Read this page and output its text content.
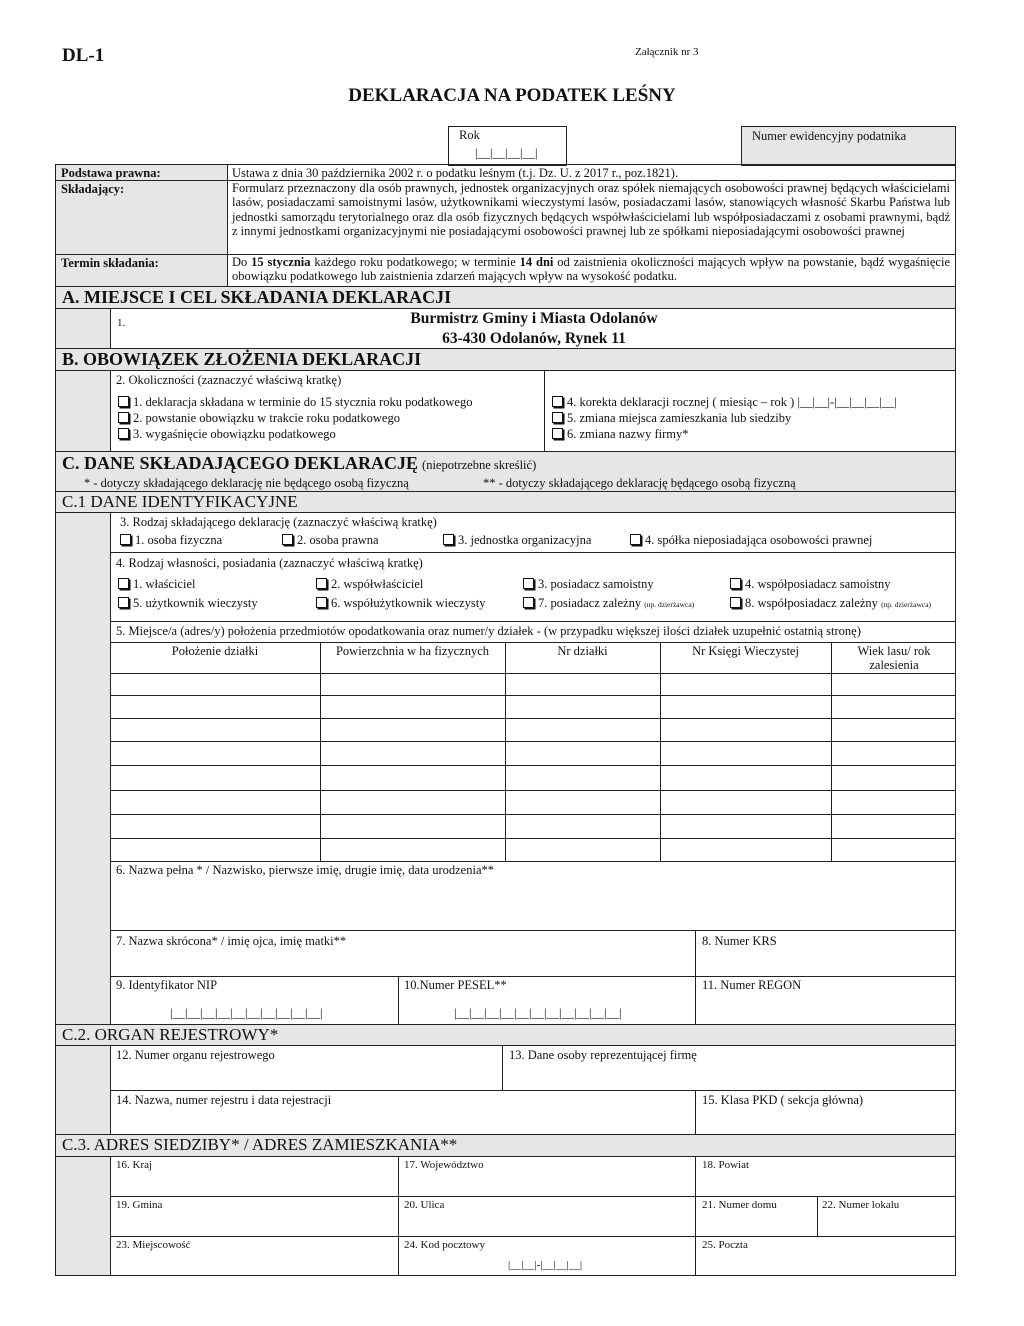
DL-1	Załącznik nr 3
DEKLARACJA NA PODATEK LEŚNY
Rok
|__|__|__|__|
Numer ewidencyjny podatnika
Podstawa prawna:	Ustawa z dnia 30 października 2002 r. o podatku leśnym (t.j. Dz. U. z 2017 r., poz.1821).
Składający:	Formularz przeznaczony dla osób prawnych, jednostek organizacyjnych oraz spółek niemających osobowości prawnej będących właścicielami lasów, posiadaczami samoistnymi lasów, użytkownikami wieczystymi lasów, posiadaczami lasów, stanowiących własność Skarbu Państwa lub jednostki samorządu terytorialnego oraz dla osób fizycznych będących współwłaścicielami lub współposiadaczami z osobami prawnymi, bądź z innymi jednostkami organizacyjnymi nie posiadającymi osobowości prawnej lub ze spółkami nieposiadającymi osobowości prawnej
Termin składania:	Do 15 stycznia każdego roku podatkowego; w terminie 14 dni od zaistnienia okoliczności mających wpływ na powstanie, bądź wygaśnięcie obowiązku podatkowego lub zaistnienia zdarzeń mających wpływ na wysokość podatku.
A. MIEJSCE I CEL SKŁADANIA DEKLARACJI
1.	Burmistrz Gminy i Miasta Odolanów
63-430 Odolanów, Rynek 11
B. OBOWIĄZEK ZŁOŻENIA DEKLARACJI
2. Okoliczności (zaznaczyć właściwą kratkę)
1. deklaracja składana w terminie do 15 stycznia roku podatkowego
2. powstanie obowiązku w trakcie roku podatkowego
3. wygaśnięcie obowiązku podatkowego
4. korekta deklaracji rocznej ( miesiąc – rok ) |__|__|-|__|__|__|__|
5. zmiana miejsca zamieszkania lub siedziby
6. zmiana nazwy firmy*
C. DANE SKŁADAJĄCEGO DEKLARACJĘ (niepotrzebne skreślić)
* - dotyczy składającego deklarację nie będącego osobą fizyczną	** - dotyczy składającego deklarację będącego osobą fizyczną
C.1 DANE IDENTYFIKACYJNE
3. Rodzaj składającego deklarację (zaznaczyć właściwą kratkę)
1. osoba fizyczna	2. osoba prawna	3. jednostka organizacyjna	4. spółka nieposiadająca osobowości prawnej
4. Rodzaj własności, posiadania (zaznaczyć właściwą kratkę)
1. właściciel	2. współwłaściciel	3. posiadacz samoistny	4. współposiadacz samoistny
5. użytkownik wieczysty	6. współużytkownik wieczysty	7. posiadacz zależny (np. dzierżawca)	8. współposiadacz zależny (np. dzierżawca)
5. Miejsce/a (adres/y) położenia przedmiotów opodatkowania oraz numer/y działek - (w przypadku większej ilości działek uzupełnić ostatnią stronę)
Położenie działki	Powierzchnia w ha fizycznych	Nr działki	Nr Księgi Wieczystej	Wiek lasu/ rok zalesienia
6. Nazwa pełna * / Nazwisko, pierwsze imię, drugie imię, data urodzenia**
7. Nazwa skrócona* / imię ojca, imię matki**	8. Numer KRS
9. Identyfikator NIP
|__|__|__|__|__|__|__|__|__|__|
10.Numer PESEL**
|__|__|__|__|__|__|__|__|__|__|__|
11. Numer REGON
C.2. ORGAN REJESTROWY*
12. Numer organu rejestrowego	13. Dane osoby reprezentującej firmę
14. Nazwa, numer rejestru i data rejestracji	15. Klasa PKD ( sekcja główna)
C.3. ADRES SIEDZIBY* / ADRES ZAMIESZKANIA**
16. Kraj	17. Województwo	18. Powiat
19. Gmina	20. Ulica	21. Numer domu	22. Numer lokalu
23. Miejscowość	24. Kod pocztowy
|__|__|-|__|__|__|
25. Poczta
